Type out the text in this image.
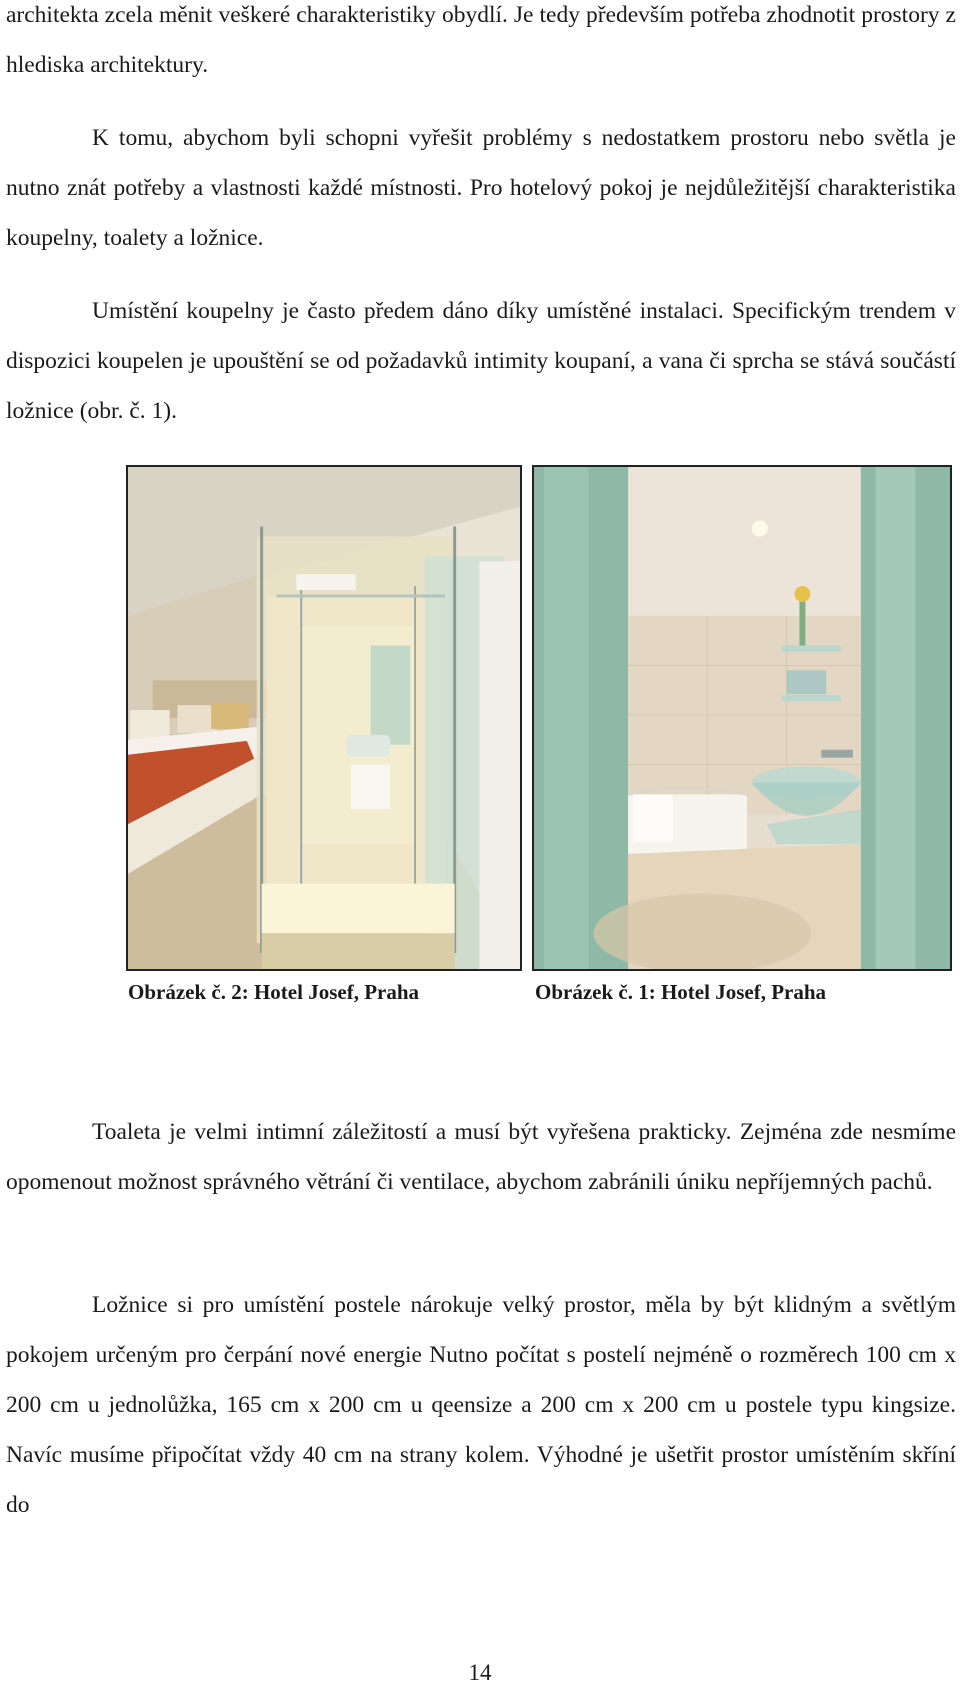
architekta zcela měnit veškeré charakteristiky obydlí. Je tedy především potřeba zhodnotit prostory z hlediska architektury.

K tomu, abychom byli schopni vyřešit problémy s nedostatkem prostoru nebo světla je nutno znát potřeby a vlastnosti každé místnosti. Pro hotelový pokoj je nejdůležitější charakteristika koupelny, toalety a ložnice.

Umístění koupelny je často předem dáno díky umístěné instalaci. Specifickým trendem v dispozici koupelen je upouštění se od požadavků intimity koupaní, a vana či sprcha se stává součástí ložnice (obr. č. 1).

Obrázek č. 2: Hotel Josef, Praha	Obrázek č. 1: Hotel Josef, Praha

Toaleta je velmi intimní záležitostí a musí být vyřešena prakticky. Zejména zde nesmíme opomenout možnost správného větrání či ventilace, abychom zabránili úniku nepříjemných pachů.

Ložnice si pro umístění postele nárokuje velký prostor, měla by být klidným a světlým pokojem určeným pro čerpání nové energie Nutno počítat s postelí nejméně o rozměrech 100 cm x 200 cm u jednolůžka, 165 cm x 200 cm u qeensize a 200 cm x 200 cm u postele typu kingsize. Navíc musíme připočítat vždy 40 cm na strany kolem. Výhodné je ušetřit prostor umístěním skříní do

14
